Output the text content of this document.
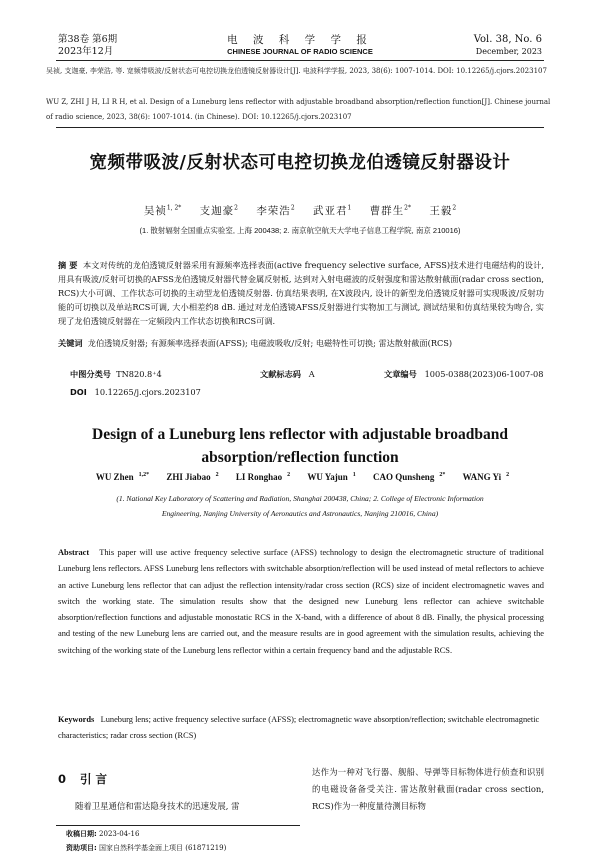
第38卷 第6期
2023年12月
电 波 科 学 学 报
CHINESE JOURNAL OF RADIO SCIENCE
Vol. 38, No. 6
December, 2023
吴祯, 支迦豪, 李荣浩, 等. 宽频带吸波/反射状态可电控切换龙伯透镜反射器设计[J]. 电波科学学报, 2023, 38(6): 1007-1014. DOI: 10.12265/j.cjors.2023107
WU Z, ZHI J H, LI R H, et al. Design of a Luneburg lens reflector with adjustable broadband absorption/reflection function[J]. Chinese journal of radio science, 2023, 38(6): 1007-1014. (in Chinese). DOI: 10.12265/j.cjors.2023107
宽频带吸波/反射状态可电控切换龙伯透镜反射器设计
吴祯$^{1, 2*}$ 支迦豪$^2$ 李荣浩$^2$ 武亚君$^1$ 曹群生$^{2*}$ 王毅$^2$
(1. 散射辐射全国重点实验室, 上海 200438; 2. 南京航空航天大学电子信息工程学院, 南京 210016)
摘 要 本文对传统的龙伯透镜反射器采用有源频率选择表面(active frequency selective surface, AFSS)技术进行电磁结构的设计, 用具有吸波/反射可切换的AFSS龙伯透镜反射器代替金属反射板, 达到对入射电磁波的反射强度和雷达散射截面(radar cross section, RCS)大小可调、工作状态可切换的主动型龙伯透镜反射器. 仿真结果表明, 在X波段内, 设计的新型龙伯透镜反射器可实现吸波/反射功能的可切换以及单站RCS可调, 大小相差约8 dB. 通过对龙伯透镜AFSS反射器进行实物加工与测试, 测试结果和仿真结果较为吻合, 实现了龙伯透镜反射器在一定频段内工作状态切换和RCS可调.
关键词 龙伯透镜反射器; 有源频率选择表面(AFSS); 电磁波吸收/反射; 电磁特性可切换; 雷达散射截面(RCS)
中图分类号 TN820.8⁺4	文献标志码 A	文章编号 1005-0388(2023)06-1007-08
DOI 10.12265/j.cjors.2023107
Design of a Luneburg lens reflector with adjustable broadband
absorption/reflection function
WU Zhen $^{1,2*}$ ZHI Jiabao $^2$ LI Ronghao $^2$ WU Yajun $^1$ CAO Qunsheng $^{2*}$ WANG Yi $^2$
(1. National Key Laboratory of Scattering and Radiation, Shanghai 200438, China; 2. College of Electronic Information
Engineering, Nanjing University of Aeronautics and Astronautics, Nanjing 210016, China)
Abstract This paper will use active frequency selective surface (AFSS) technology to design the electromagnetic structure of traditional Luneburg lens reflectors. AFSS Luneburg lens reflectors with switchable absorption/reflection will be used instead of metal reflectors to achieve an active Luneburg lens reflector that can adjust the reflection intensity/radar cross section (RCS) size of incident electromagnetic waves and switch the working state. The simulation results show that the designed new Luneburg lens reflector can achieve switchable absorption/reflection functions and adjustable monostatic RCS in the X-band, with a difference of about 8 dB. Finally, the physical processing and testing of the new Luneburg lens are carried out, and the measure results are in good agreement with the simulation results, achieving the switching of the working state of the Luneburg lens reflector within a certain frequency band and the adjustable RCS.
Keywords Luneburg lens; active frequency selective surface (AFSS); electromagnetic wave absorption/reflection; switchable electromagnetic characteristics; radar cross section (RCS)
0 引 言
随着卫星通信和雷达隐身技术的迅速发展, 雷
达作为一种对飞行器、舰船、导弹等目标物体进行侦查和识别的电磁设备备受关注. 雷达散射截面(radar cross section, RCS)作为一种度量待测目标物
收稿日期: 2023-04-16
资助项目: 国家自然科学基金面上项目 (61871219)
